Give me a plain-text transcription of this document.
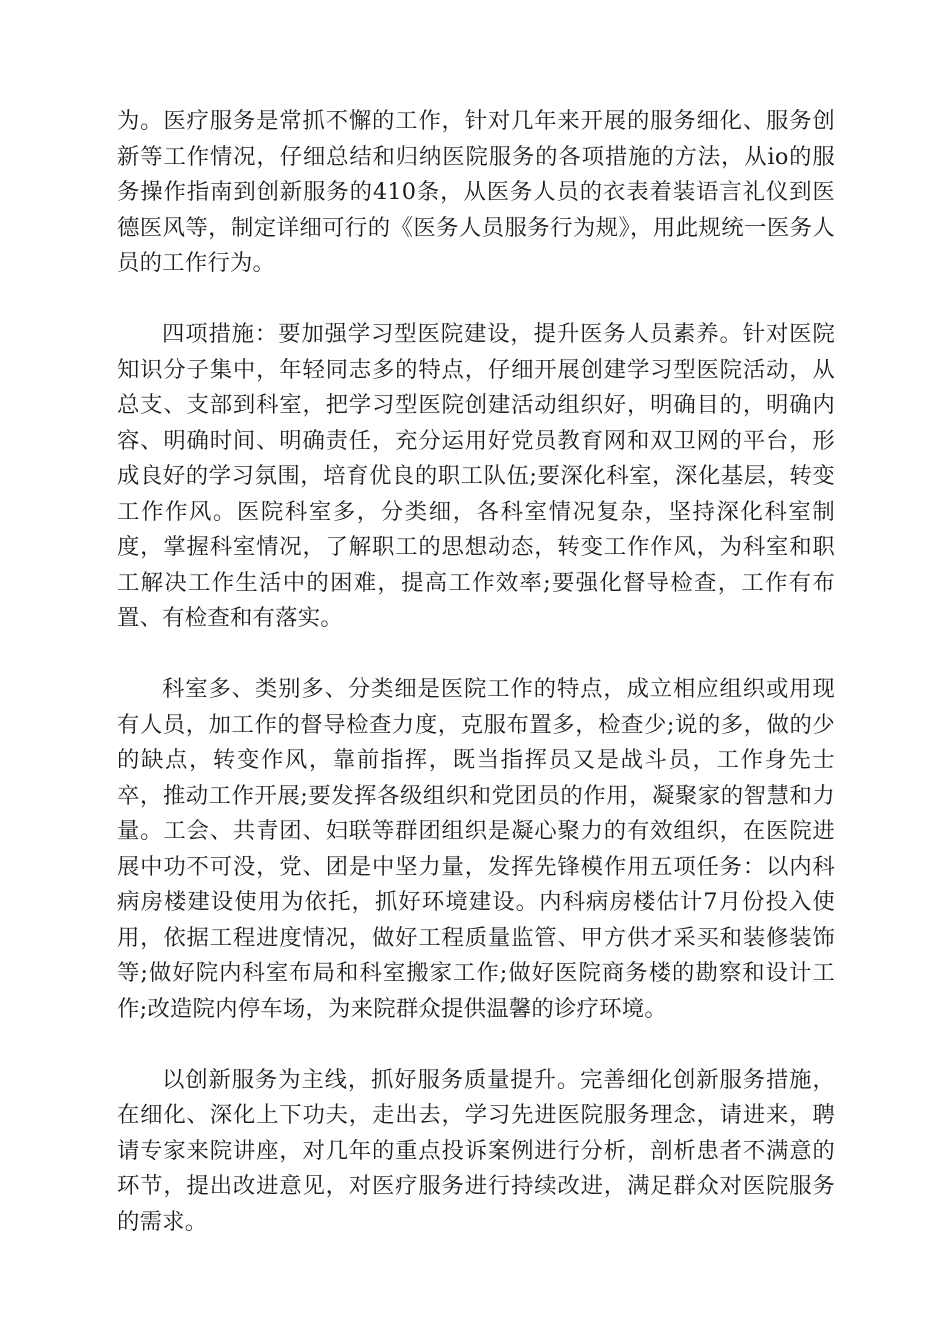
为。医疗服务是常抓不懈的工作，针对几年来开展的服务细化、服务创新等工作情况，仔细总结和归纳医院服务的各项措施的方法，从io的服务操作指南到创新服务的410条，从医务人员的衣表着装语言礼仪到医德医风等，制定详细可行的《医务人员服务行为规》，用此规统一医务人员的工作行为。

四项措施：要加强学习型医院建设，提升医务人员素养。针对医院知识分子集中，年轻同志多的特点，仔细开展创建学习型医院活动，从总支、支部到科室，把学习型医院创建活动组织好，明确目的，明确内容、明确时间、明确责任，充分运用好党员教育网和双卫网的平台，形成良好的学习氛围，培育优良的职工队伍;要深化科室，深化基层，转变工作作风。医院科室多，分类细，各科室情况复杂，坚持深化科室制度，掌握科室情况，了解职工的思想动态，转变工作作风，为科室和职工解决工作生活中的困难，提高工作效率;要强化督导检查，工作有布置、有检查和有落实。

科室多、类别多、分类细是医院工作的特点，成立相应组织或用现有人员，加工作的督导检查力度，克服布置多，检查少;说的多，做的少的缺点，转变作风，靠前指挥，既当指挥员又是战斗员，工作身先士卒，推动工作开展;要发挥各级组织和党团员的作用，凝聚家的智慧和力量。工会、共青团、妇联等群团组织是凝心聚力的有效组织，在医院进展中功不可没，党、团是中坚力量，发挥先锋模作用五项任务：以内科病房楼建设使用为依托，抓好环境建设。内科病房楼估计7月份投入使用，依据工程进度情况，做好工程质量监管、甲方供才采买和装修装饰等;做好院内科室布局和科室搬家工作;做好医院商务楼的勘察和设计工作;改造院内停车场，为来院群众提供温馨的诊疗环境。

以创新服务为主线，抓好服务质量提升。完善细化创新服务措施，在细化、深化上下功夫，走出去，学习先进医院服务理念，请进来，聘请专家来院讲座，对几年的重点投诉案例进行分析，剖析患者不满意的环节，提出改进意见，对医疗服务进行持续改进，满足群众对医院服务的需求。
